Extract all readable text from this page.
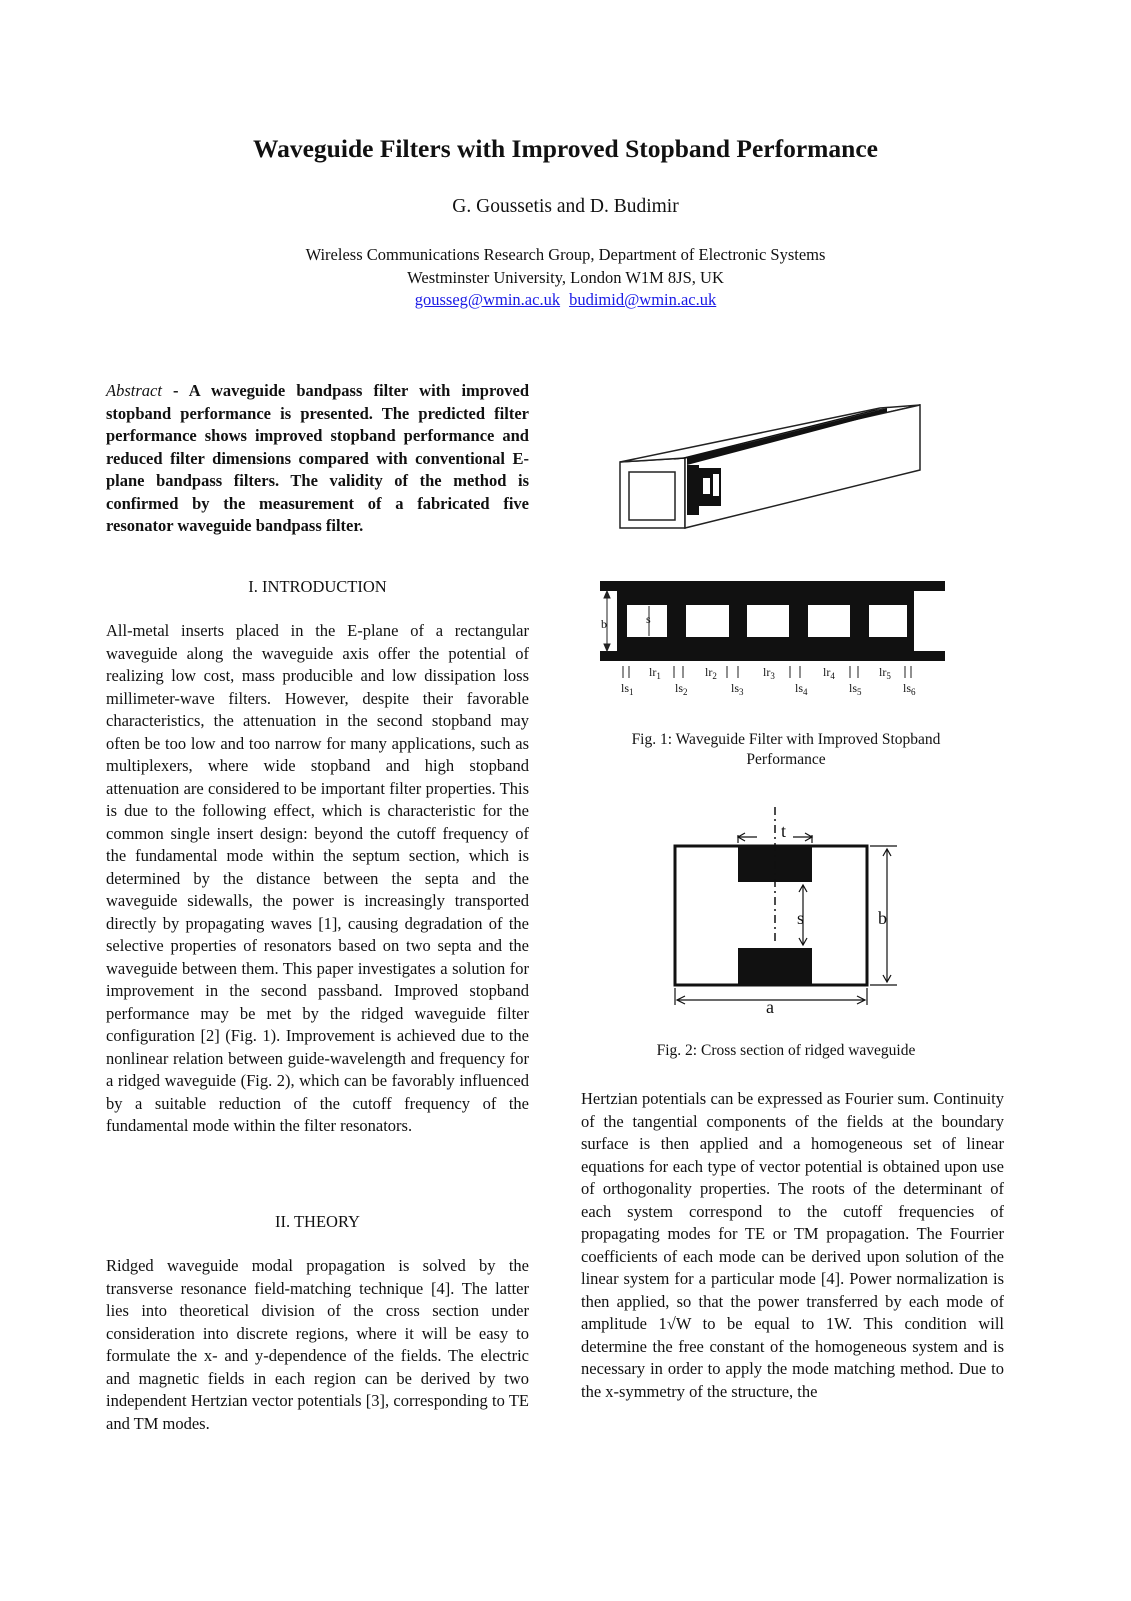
Waveguide Filters with Improved Stopband Performance
G. Goussetis and D. Budimir
Wireless Communications Research Group, Department of Electronic Systems
Westminster University, London W1M 8JS, UK
gousseg@wmin.ac.uk budimid@wmin.ac.uk

Abstract - A waveguide bandpass filter with improved stopband performance is presented. The predicted filter performance shows improved stopband performance and reduced filter dimensions compared with conventional E-plane bandpass filters. The validity of the method is confirmed by the measurement of a fabricated five resonator waveguide bandpass filter.

I. INTRODUCTION

All-metal inserts placed in the E-plane of a rectangular waveguide along the waveguide axis offer the potential of realizing low cost, mass producible and low dissipation loss millimeter-wave filters. However, despite their favorable characteristics, the attenuation in the second stopband may often be too low and too narrow for many applications, such as multiplexers, where wide stopband and high stopband attenuation are considered to be important filter properties. This is due to the following effect, which is characteristic for the common single insert design: beyond the cutoff frequency of the fundamental mode within the septum section, which is determined by the distance between the septa and the waveguide sidewalls, the power is increasingly transported directly by propagating waves [1], causing degradation of the selective properties of resonators based on two septa and the waveguide between them. This paper investigates a solution for improvement in the second passband. Improved stopband performance may be met by the ridged waveguide filter configuration [2] (Fig. 1). Improvement is achieved due to the nonlinear relation between guide-wavelength and frequency for a ridged waveguide (Fig. 2), which can be favorably influenced by a suitable reduction of the cutoff frequency of the fundamental mode within the filter resonators.

II. THEORY

Ridged waveguide modal propagation is solved by the transverse resonance field-matching technique [4]. The latter lies into theoretical division of the cross section under consideration into discrete regions, where it will be easy to formulate the x- and y-dependence of the fields. The electric and magnetic fields in each region can be derived by two independent Hertzian vector potentials [3], corresponding to TE and TM modes.

Hertzian potentials can be expressed as Fourier sum. Continuity of the tangential components of the fields at the boundary surface is then applied and a homogeneous set of linear equations for each type of vector potential is obtained upon use of orthogonality properties. The roots of the determinant of each system correspond to the cutoff frequencies of propagating modes for TE or TM propagation. The Fourrier coefficients of each mode can be derived upon solution of the linear system for a particular mode [4]. Power normalization is then applied, so that the power transferred by each mode of amplitude 1√W to be equal to 1W. This condition will determine the free constant of the homogeneous system and is necessary in order to apply the mode matching method. Due to the x-symmetry of the structure, the

b	s
$lr_1$	$lr_2$	$lr_3$	$lr_4$	$lr_5$
$ls_1$	$ls_2$	$ls_3$	$ls_4$	$ls_5$	$ls_6$
Fig. 1: Waveguide Filter with Improved Stopband
Performance
t
s	b
a
Fig. 2: Cross section of ridged waveguide
